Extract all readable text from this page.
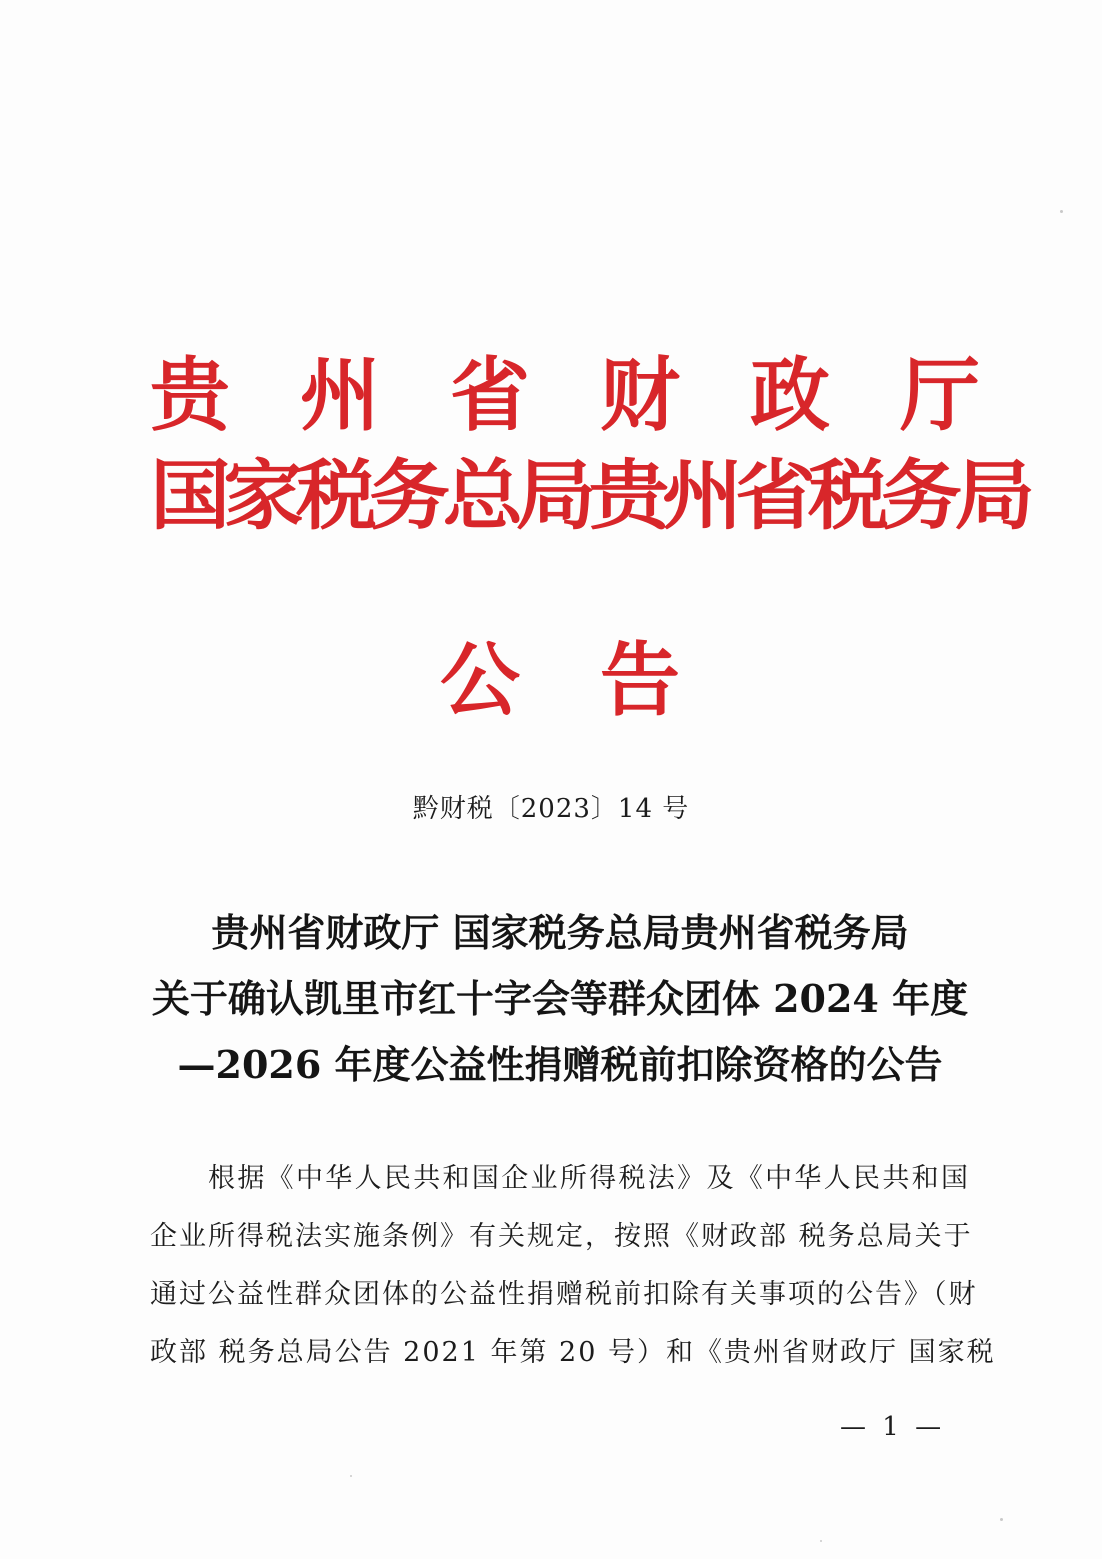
贵 州 省 财 政 厅
国家税务总局贵州省税务局
公 告
黔财税〔2023〕14 号
贵州省财政厅 国家税务总局贵州省税务局
关于确认凯里市红十字会等群众团体 2024 年度
—2026 年度公益性捐赠税前扣除资格的公告
根据《中华人民共和国企业所得税法》及《中华人民共和国
企业所得税法实施条例》有关规定，按照《财政部 税务总局关于
通过公益性群众团体的公益性捐赠税前扣除有关事项的公告》（财
政部 税务总局公告 2021 年第 20 号）和《贵州省财政厅 国家税
— 1 —
